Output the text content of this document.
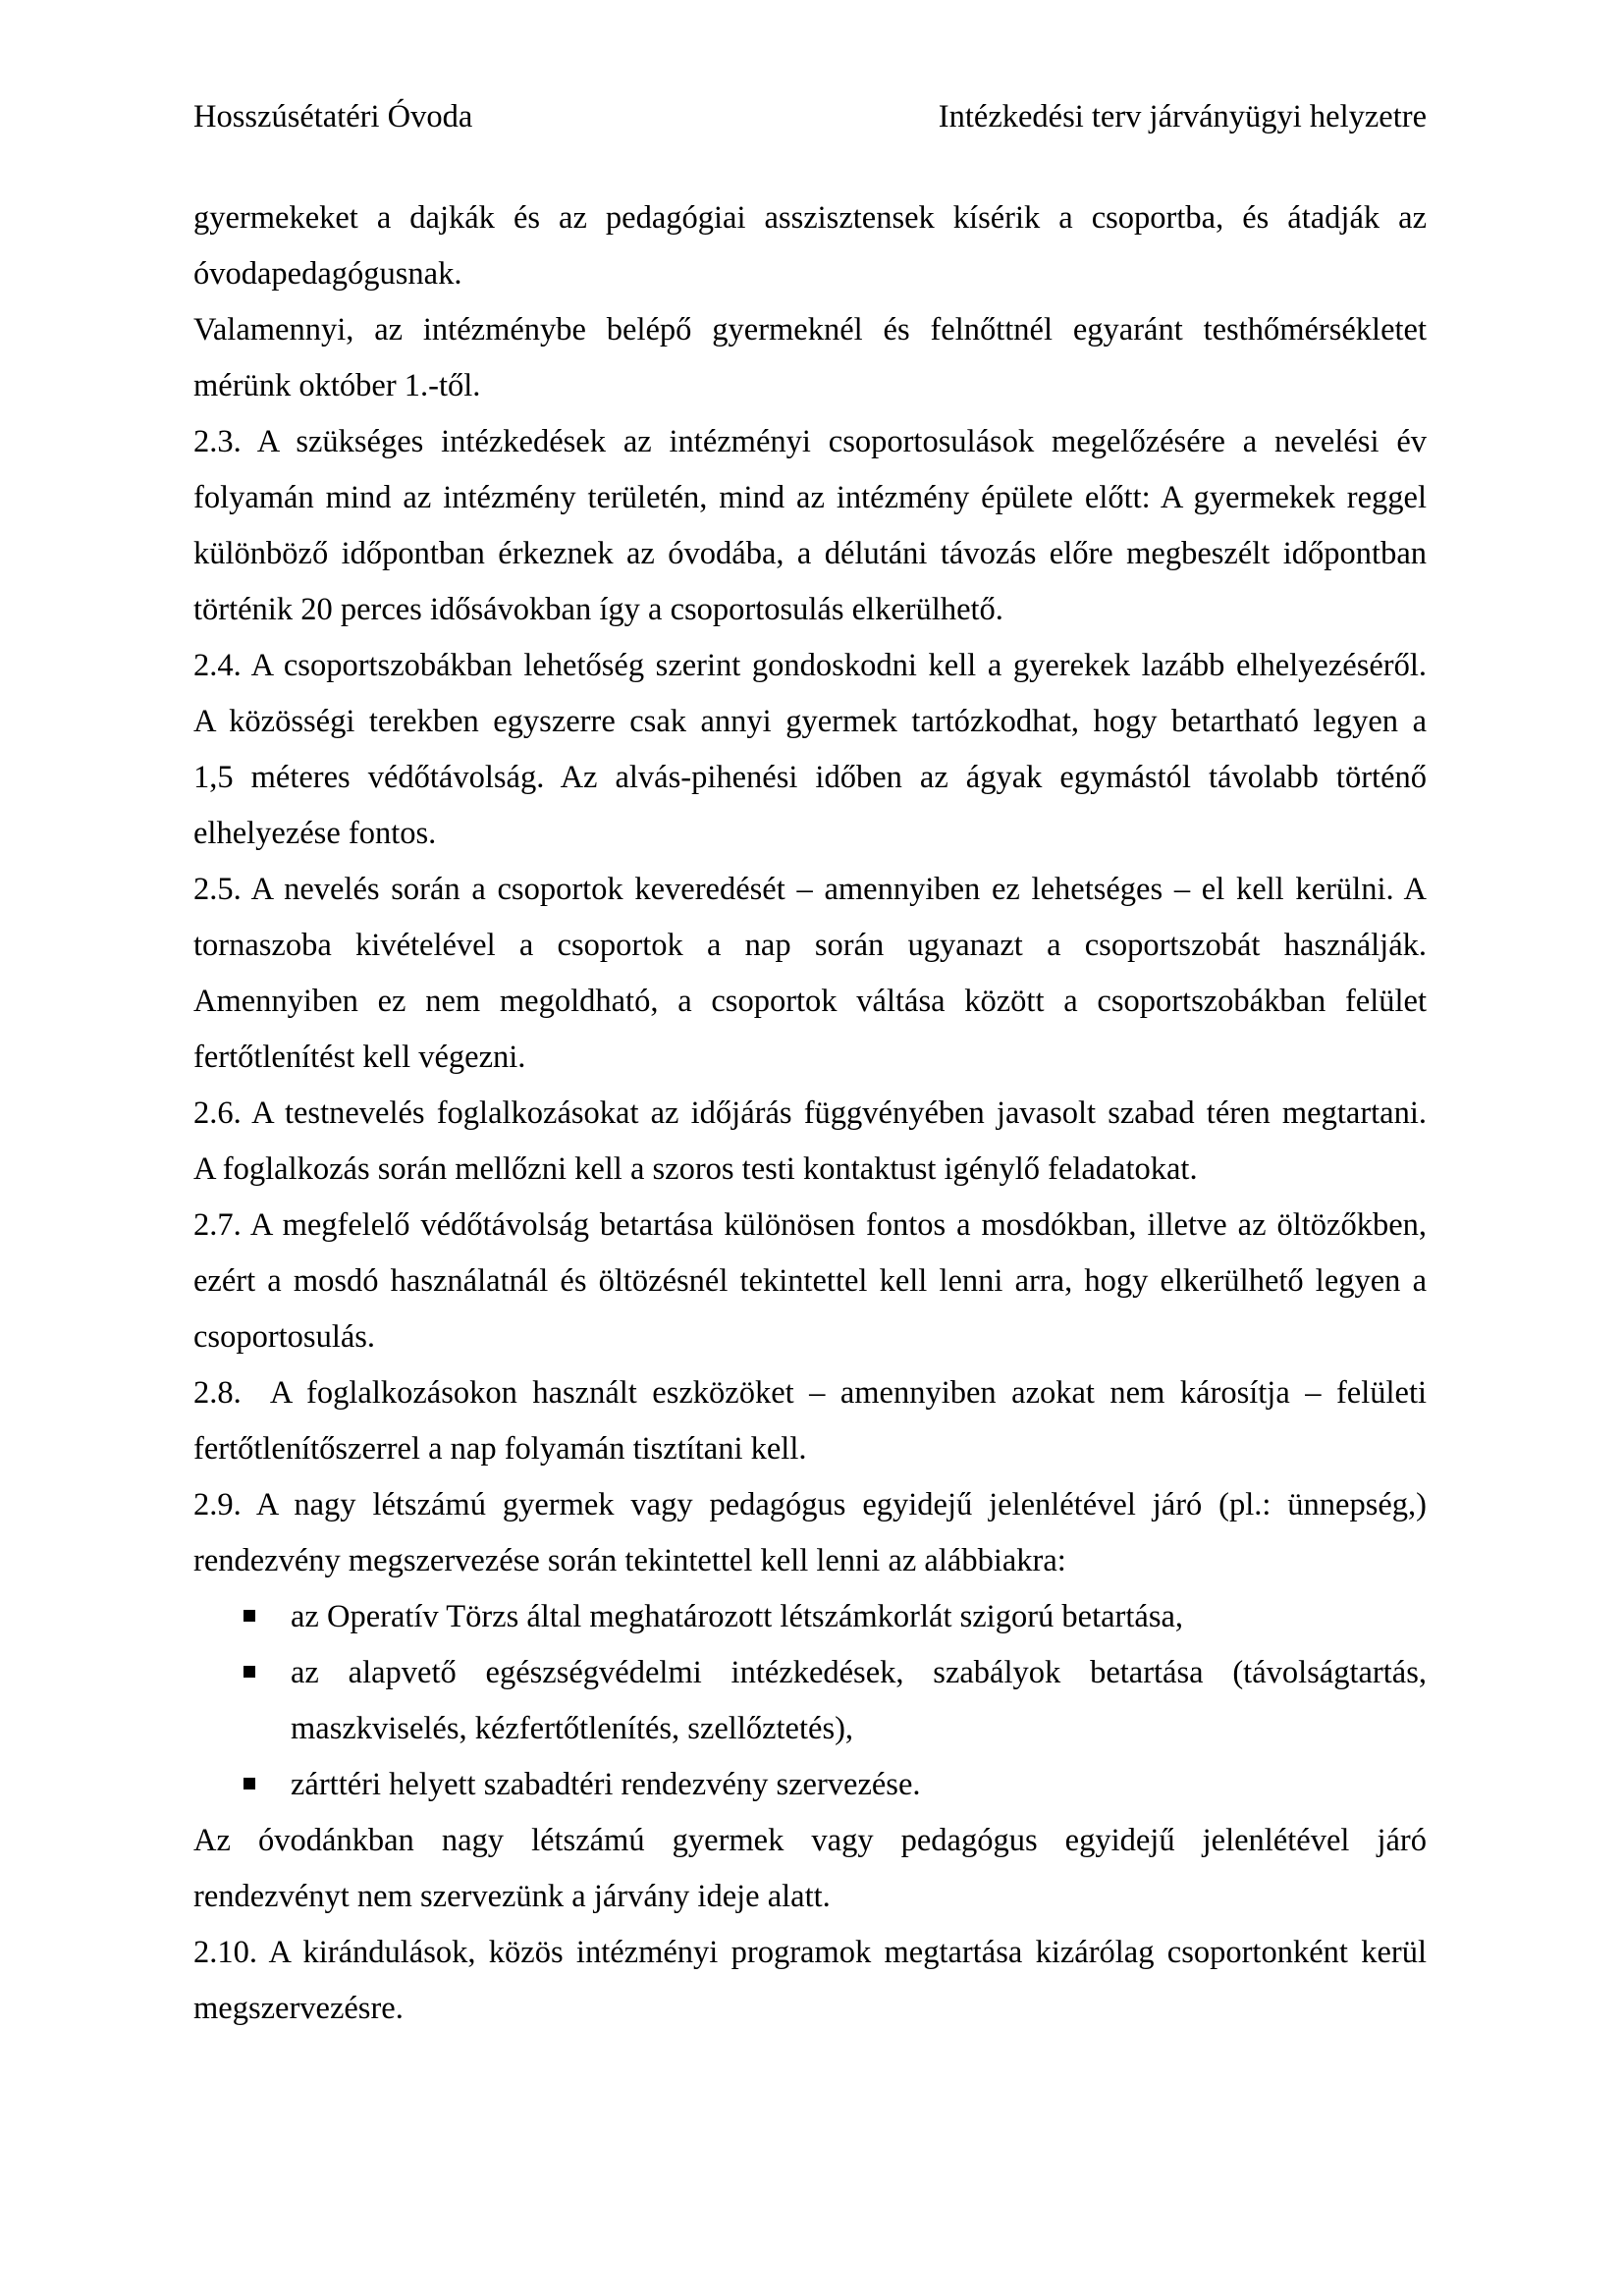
Hosszúsétatéri Óvoda	Intézkedési terv járványügyi helyzetre
gyermekeket a dajkák és az pedagógiai asszisztensek kísérik a csoportba, és átadják az
óvodapedagógusnak.
Valamennyi, az intézménybe belépő gyermeknél és felnőttnél egyaránt testhőmérsékletet
mérünk október 1.-től.
2.3. A szükséges intézkedések az intézményi csoportosulások megelőzésére a nevelési év
folyamán mind az intézmény területén, mind az intézmény épülete előtt: A gyermekek reggel
különböző időpontban érkeznek az óvodába, a délutáni távozás előre megbeszélt időpontban
történik 20 perces idősávokban így a csoportosulás elkerülhető.
2.4. A csoportszobákban lehetőség szerint gondoskodni kell a gyerekek lazább elhelyezéséről.
A közösségi terekben egyszerre csak annyi gyermek tartózkodhat, hogy betartható legyen a
1,5 méteres védőtávolság. Az alvás-pihenési időben az ágyak egymástól távolabb történő
elhelyezése fontos.
2.5. A nevelés során a csoportok keveredését – amennyiben ez lehetséges – el kell kerülni. A
tornaszoba kivételével a csoportok a nap során ugyanazt a csoportszobát használják.
Amennyiben ez nem megoldható, a csoportok váltása között a csoportszobákban felület
fertőtlenítést kell végezni.
2.6. A testnevelés foglalkozásokat az időjárás függvényében javasolt szabad téren megtartani.
A foglalkozás során mellőzni kell a szoros testi kontaktust igénylő feladatokat.
2.7. A megfelelő védőtávolság betartása különösen fontos a mosdókban, illetve az öltözőkben,
ezért a mosdó használatnál és öltözésnél tekintettel kell lenni arra, hogy elkerülhető legyen a
csoportosulás.
2.8.  A foglalkozásokon használt eszközöket – amennyiben azokat nem károsítja – felületi
fertőtlenítőszerrel a nap folyamán tisztítani kell.
2.9. A nagy létszámú gyermek vagy pedagógus egyidejű jelenlétével járó (pl.: ünnepség,)
rendezvény megszervezése során tekintettel kell lenni az alábbiakra:
az Operatív Törzs által meghatározott létszámkorlát szigorú betartása,
az alapvető egészségvédelmi intézkedések, szabályok betartása (távolságtartás,
maszkviselés, kézfertőtlenítés, szellőztetés),
zárttéri helyett szabadtéri rendezvény szervezése.
Az óvodánkban nagy létszámú gyermek vagy pedagógus egyidejű jelenlétével járó
rendezvényt nem szervezünk a járvány ideje alatt.
2.10. A kirándulások, közös intézményi programok megtartása kizárólag csoportonként kerül
megszervezésre.
